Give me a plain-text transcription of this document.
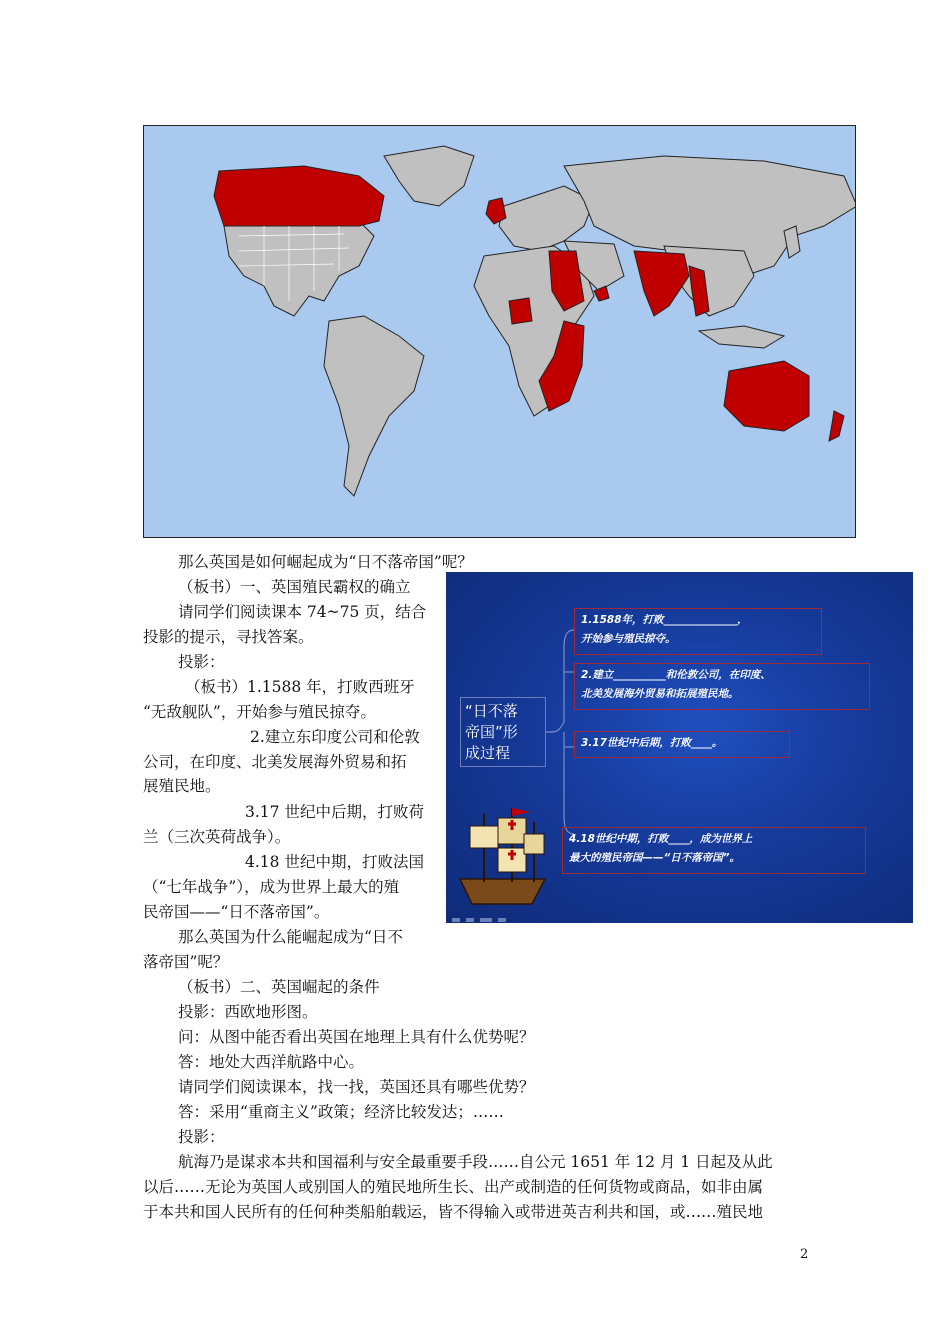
那么英国是如何崛起成为“日不落帝国”呢？
（板书）一、英国殖民霸权的确立
请同学们阅读课本 74~75 页，结合
投影的提示，寻找答案。
投影：
（板书）1.1588 年，打败西班牙
“无敌舰队”，开始参与殖民掠夺。
2.建立东印度公司和伦敦
公司，在印度、北美发展海外贸易和拓
展殖民地。
3.17 世纪中后期，打败荷
兰（三次英荷战争）。
4.18 世纪中期，打败法国
（“七年战争”），成为世界上最大的殖
民帝国——“日不落帝国”。
那么英国为什么能崛起成为“日不
落帝国”呢？
（板书）二、英国崛起的条件
投影：西欧地形图。
问：从图中能否看出英国在地理上具有什么优势呢？
答：地处大西洋航路中心。
请同学们阅读课本，找一找，英国还具有哪些优势？
答：采用“重商主义”政策；经济比较发达；……
投影：
航海乃是谋求本共和国福利与安全最重要手段……自公元 1651 年 12 月 1 日起及从此
以后……无论为英国人或别国人的殖民地所生长、出产或制造的任何货物或商品，如非由属
于本共和国人民所有的任何种类船舶载运，皆不得输入或带进英吉利共和国，或……殖民地
“日不落
帝国”形
成过程
1.1588年，打败______________，
开始参与殖民掠夺。
2.建立__________和伦敦公司，在印度、
北美发展海外贸易和拓展殖民地。
3.17世纪中后期，打败____。
4.18世纪中期，打败____，成为世界上
最大的殖民帝国——“日不落帝国”。
2
